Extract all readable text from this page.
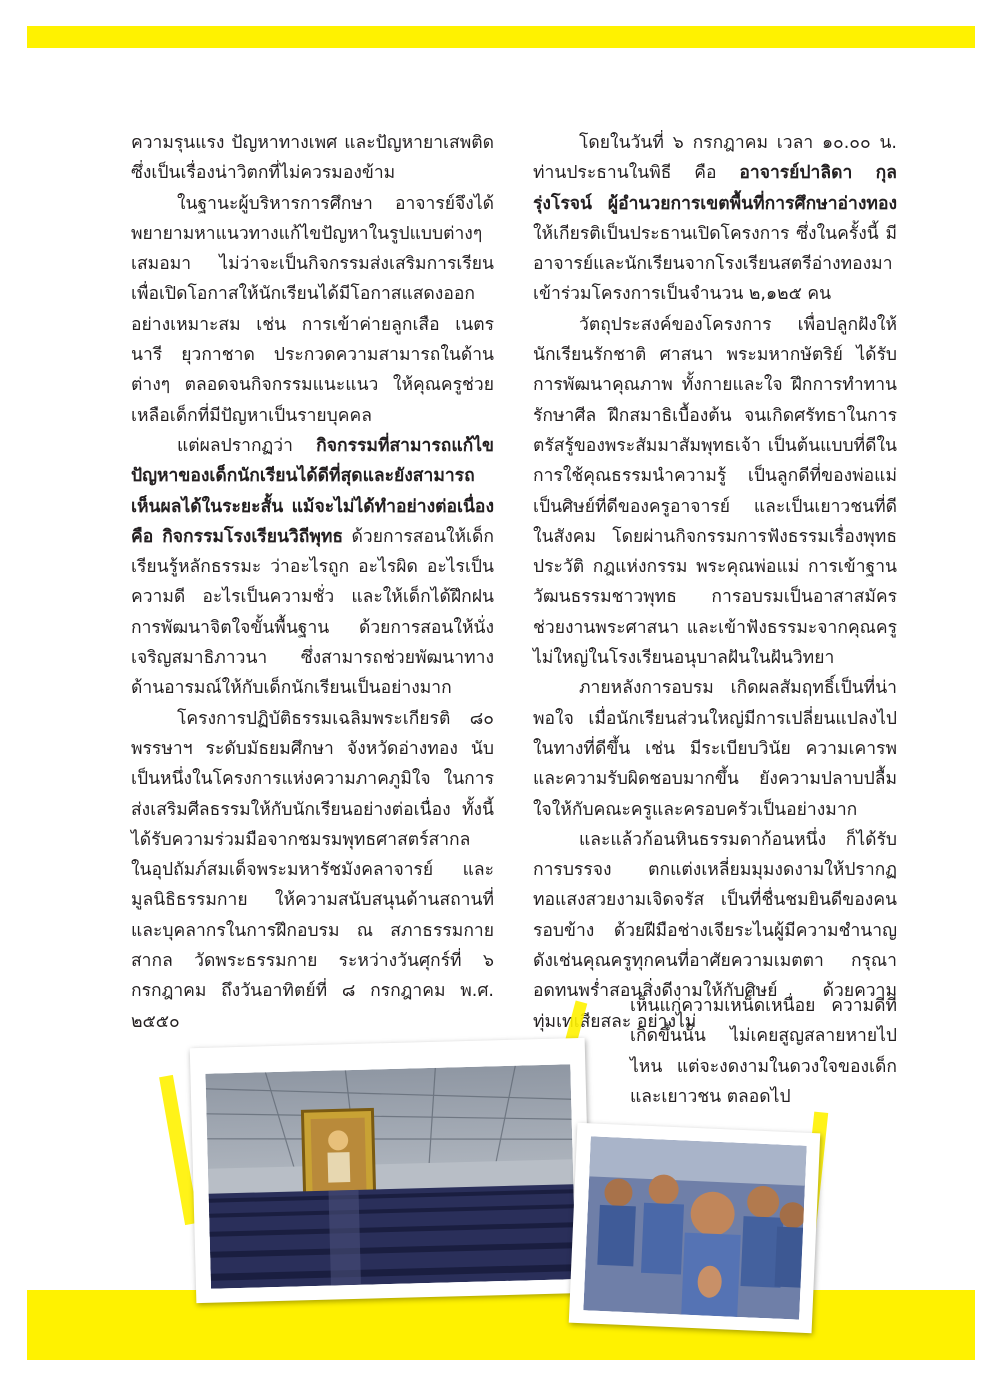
ความรุนแรง ปัญหาทางเพศ และปัญหายาเสพติด ซึ่งเป็นเรื่องน่าวิตกที่ไม่ควรมองข้าม

ในฐานะผู้บริหารการศึกษา อาจารย์จึงได้พยายามหาแนวทางแก้ไขปัญหาในรูปแบบต่างๆ เสมอมา ไม่ว่าจะเป็นกิจกรรมส่งเสริมการเรียน เพื่อเปิดโอกาสให้นักเรียนได้มีโอกาสแสดงออกอย่างเหมาะสม เช่น การเข้าค่ายลูกเสือ เนตรนารี ยุวกาชาด ประกวดความสามารถในด้านต่างๆ ตลอดจนกิจกรรมแนะแนว ให้คุณครูช่วยเหลือเด็กที่มีปัญหาเป็นรายบุคคล

แต่ผลปรากฏว่า กิจกรรมที่สามารถแก้ไขปัญหาของเด็กนักเรียนได้ดีที่สุดและยังสามารถเห็นผลได้ในระยะสั้น แม้จะไม่ได้ทำอย่างต่อเนื่อง คือ กิจกรรมโรงเรียนวิถีพุทธ ด้วยการสอนให้เด็กเรียนรู้หลักธรรมะ ว่าอะไรถูก อะไรผิด อะไรเป็นความดี อะไรเป็นความชั่ว และให้เด็กได้ฝึกฝนการพัฒนาจิตใจขั้นพื้นฐาน ด้วยการสอนให้นั่งเจริญสมาธิภาวนา ซึ่งสามารถช่วยพัฒนาทางด้านอารมณ์ให้กับเด็กนักเรียนเป็นอย่างมาก

โครงการปฏิบัติธรรมเฉลิมพระเกียรติ ๘๐ พรรษาฯ ระดับมัธยมศึกษา จังหวัดอ่างทอง นับเป็นหนึ่งในโครงการแห่งความภาคภูมิใจ ในการส่งเสริมศีลธรรมให้กับนักเรียนอย่างต่อเนื่อง ทั้งนี้ได้รับความร่วมมือจากชมรมพุทธศาสตร์สากล ในอุปถัมภ์สมเด็จพระมหารัชมังคลาจารย์ และมูลนิธิธรรมกาย ให้ความสนับสนุนด้านสถานที่และบุคลากรในการฝึกอบรม ณ สภาธรรมกายสากล วัดพระธรรมกาย ระหว่างวันศุกร์ที่ ๖ กรกฎาคม ถึงวันอาทิตย์ที่ ๘ กรกฎาคม พ.ศ. ๒๕๕๐

โดยในวันที่ ๖ กรกฎาคม เวลา ๑๐.๐๐ น. ท่านประธานในพิธี คือ อาจารย์ปาลิดา กุลรุ่งโรจน์ ผู้อำนวยการเขตพื้นที่การศึกษาอ่างทอง ให้เกียรติเป็นประธานเปิดโครงการ ซึ่งในครั้งนี้ มีอาจารย์และนักเรียนจากโรงเรียนสตรีอ่างทองมาเข้าร่วมโครงการเป็นจำนวน ๒,๑๒๕ คน

วัตถุประสงค์ของโครงการ เพื่อปลูกฝังให้นักเรียนรักชาติ ศาสนา พระมหากษัตริย์ ได้รับการพัฒนาคุณภาพ ทั้งกายและใจ ฝึกการทำทาน รักษาศีล ฝึกสมาธิเบื้องต้น จนเกิดศรัทธาในการตรัสรู้ของพระสัมมาสัมพุทธเจ้า เป็นต้นแบบที่ดีในการใช้คุณธรรมนำความรู้ เป็นลูกดีที่ของพ่อแม่ เป็นศิษย์ที่ดีของครูอาจารย์ และเป็นเยาวชนที่ดีในสังคม โดยผ่านกิจกรรมการฟังธรรมเรื่องพุทธประวัติ กฎแห่งกรรม พระคุณพ่อแม่ การเข้าฐานวัฒนธรรมชาวพุทธ การอบรมเป็นอาสาสมัครช่วยงานพระศาสนา และเข้าฟังธรรมะจากคุณครูไม่ใหญ่ในโรงเรียนอนุบาลฝันในฝันวิทยา

ภายหลังการอบรม เกิดผลสัมฤทธิ์เป็นที่น่าพอใจ เมื่อนักเรียนส่วนใหญ่มีการเปลี่ยนแปลงไปในทางที่ดีขึ้น เช่น มีระเบียบวินัย ความเคารพ และความรับผิดชอบมากขึ้น ยังความปลาบปลื้มใจให้กับคณะครูและครอบครัวเป็นอย่างมาก

และแล้วก้อนหินธรรมดาก้อนหนึ่ง ก็ได้รับการบรรจง ตกแต่งเหลี่ยมมุมงดงามให้ปรากฏ ทอแสงสวยงามเจิดจรัส เป็นที่ชื่นชมยินดีของคนรอบข้าง ด้วยฝีมือช่างเจียระไนผู้มีความชำนาญ ดังเช่นคุณครูทุกคนที่อาศัยความเมตตา กรุณา อดทนพร่ำสอนสิ่งดีงามให้กับศิษย์ ด้วยความทุ่มเทเสียสละ อย่างไม่

เห็นแก่ความเหน็ดเหนื่อย ความดีที่เกิดขึ้นนั้น ไม่เคยสูญสลายหายไปไหน แต่จะงดงามในดวงใจของเด็กและเยาวชน ตลอดไป
